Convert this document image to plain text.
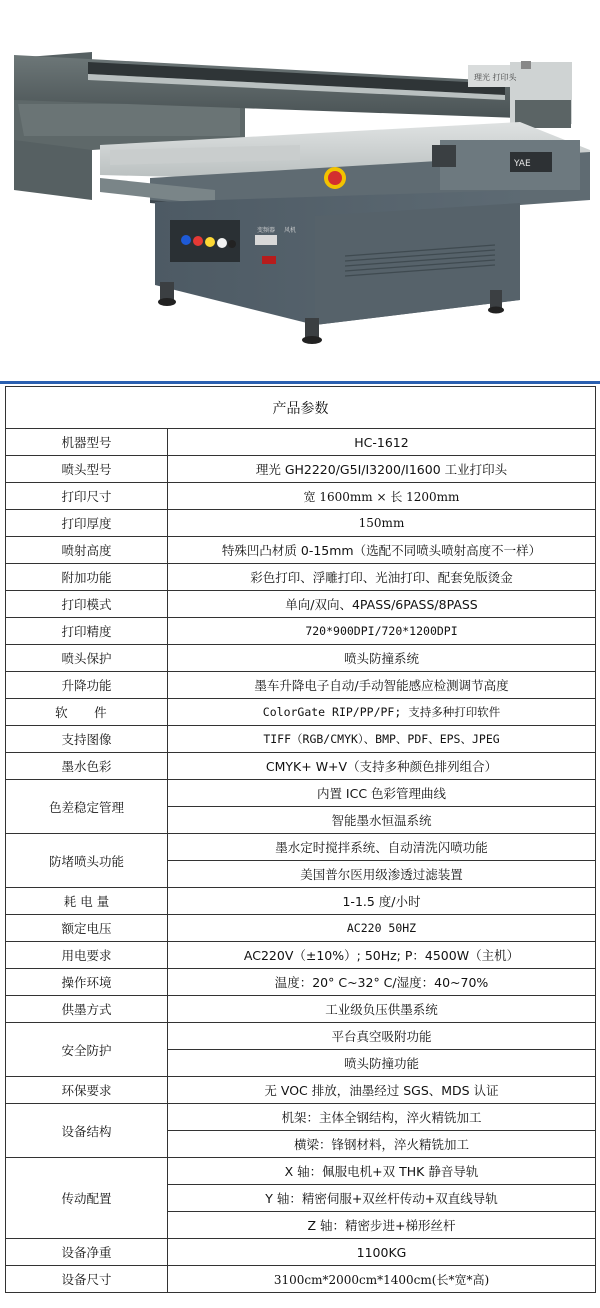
理光 打印头
YAE
变频器 风机
产品参数	
机器型号	HC-1612
喷头型号	理光 GH2220/G5I/I3200/I1600 工业打印头
打印尺寸	宽 1600mm × 长 1200mm
打印厚度	150mm
喷射高度	特殊凹凸材质 0-15mm（选配不同喷头喷射高度不一样）
附加功能	彩色打印、浮雕打印、光油打印、配套免版烫金
打印模式	单向/双向、4PASS/6PASS/8PASS
打印精度	720*900DPI/720*1200DPI
喷头保护	喷头防撞系统
升降功能	墨车升降电子自动/手动智能感应检测调节高度
软 件	ColorGate RIP/PP/PF; 支持多种打印软件
支持图像	TIFF（RGB/CMYK）、BMP、PDF、EPS、JPEG
墨水色彩	CMYK+ W+V（支持多种颜色排列组合）
色差稳定管理	内置 ICC 色彩管理曲线
	智能墨水恒温系统
防堵喷头功能	墨水定时搅拌系统、自动清洗闪喷功能
	美国普尔医用级渗透过滤装置
耗 电 量	1-1.5 度/小时
额定电压	AC220 50HZ
用电要求	AC220V（±10%）; 50Hz; P：4500W（主机）
操作环境	温度：20° C~32° C/湿度：40~70%
供墨方式	工业级负压供墨系统
安全防护	平台真空吸附功能
	喷头防撞功能
环保要求	无 VOC 排放，油墨经过 SGS、MDS 认证
设备结构	机架：主体全钢结构，淬火精铣加工
	横梁：锋钢材料，淬火精铣加工
传动配置	X 轴：佩服电机+双 THK 静音导轨
	Y 轴：精密伺服+双丝杆传动+双直线导轨
	Z 轴：精密步进+梯形丝杆
设备净重	1100KG
设备尺寸	3100cm*2000cm*1400cm(长*宽*高)
